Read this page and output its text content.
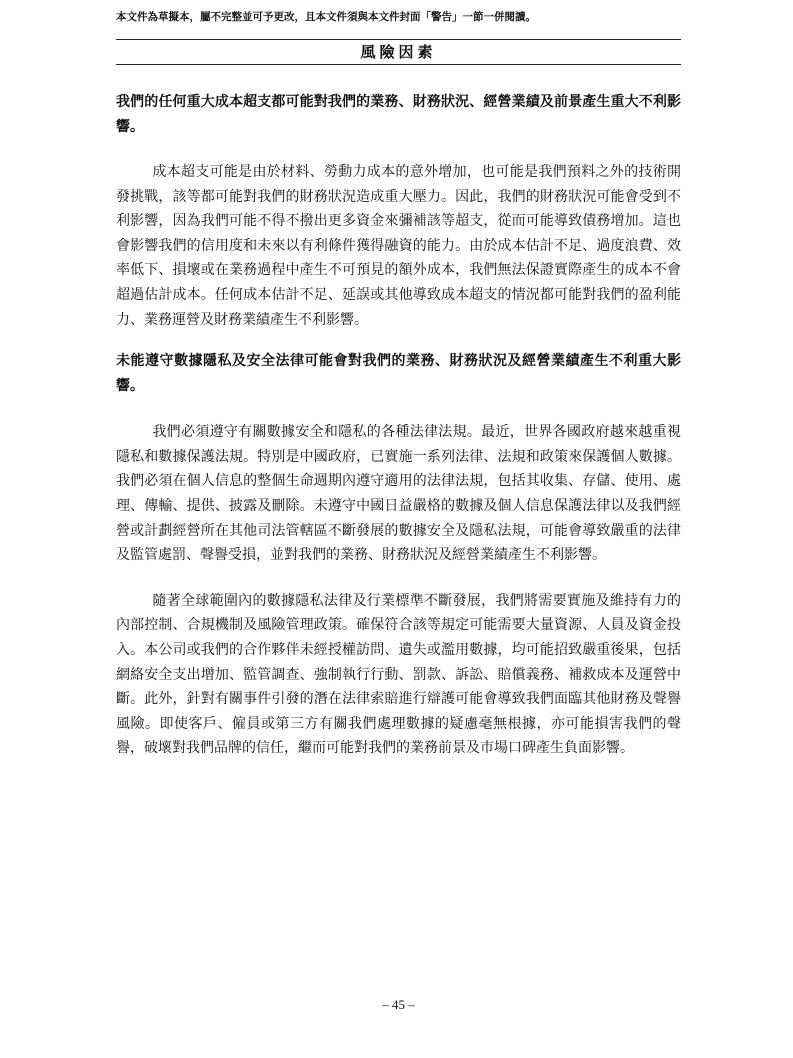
本文件為草擬本，屬不完整並可予更改，且本文件須與本文件封面「警告」一節一併閱讀。
風險因素

我們的任何重大成本超支都可能對我們的業務、財務狀況、經營業績及前景產生重大不利影響。

成本超支可能是由於材料、勞動力成本的意外增加，也可能是我們預料之外的技術開發挑戰，該等都可能對我們的財務狀況造成重大壓力。因此，我們的財務狀況可能會受到不利影響，因為我們可能不得不撥出更多資金來彌補該等超支，從而可能導致債務增加。這也會影響我們的信用度和未來以有利條件獲得融資的能力。由於成本估計不足、過度浪費、效率低下、損壞或在業務過程中產生不可預見的額外成本，我們無法保證實際產生的成本不會超過估計成本。任何成本估計不足、延誤或其他導致成本超支的情況都可能對我們的盈利能力、業務運營及財務業績產生不利影響。

未能遵守數據隱私及安全法律可能會對我們的業務、財務狀況及經營業績產生不利重大影響。

我們必須遵守有關數據安全和隱私的各種法律法規。最近，世界各國政府越來越重視隱私和數據保護法規。特別是中國政府，已實施一系列法律、法規和政策來保護個人數據。我們必須在個人信息的整個生命週期內遵守適用的法律法規，包括其收集、存儲、使用、處理、傳輸、提供、披露及刪除。未遵守中國日益嚴格的數據及個人信息保護法律以及我們經營或計劃經營所在其他司法管轄區不斷發展的數據安全及隱私法規，可能會導致嚴重的法律及監管處罰、聲譽受損，並對我們的業務、財務狀況及經營業績產生不利影響。

隨著全球範圍內的數據隱私法律及行業標準不斷發展，我們將需要實施及維持有力的內部控制、合規機制及風險管理政策。確保符合該等規定可能需要大量資源、人員及資金投入。本公司或我們的合作夥伴未經授權訪問、遺失或濫用數據，均可能招致嚴重後果，包括網絡安全支出增加、監管調查、強制執行行動、罰款、訴訟、賠償義務、補救成本及運營中斷。此外，針對有關事件引發的潛在法律索賠進行辯護可能會導致我們面臨其他財務及聲譽風險。即使客戶、僱員或第三方有關我們處理數據的疑慮毫無根據，亦可能損害我們的聲譽，破壞對我們品牌的信任，繼而可能對我們的業務前景及市場口碑產生負面影響。

– 45 –
